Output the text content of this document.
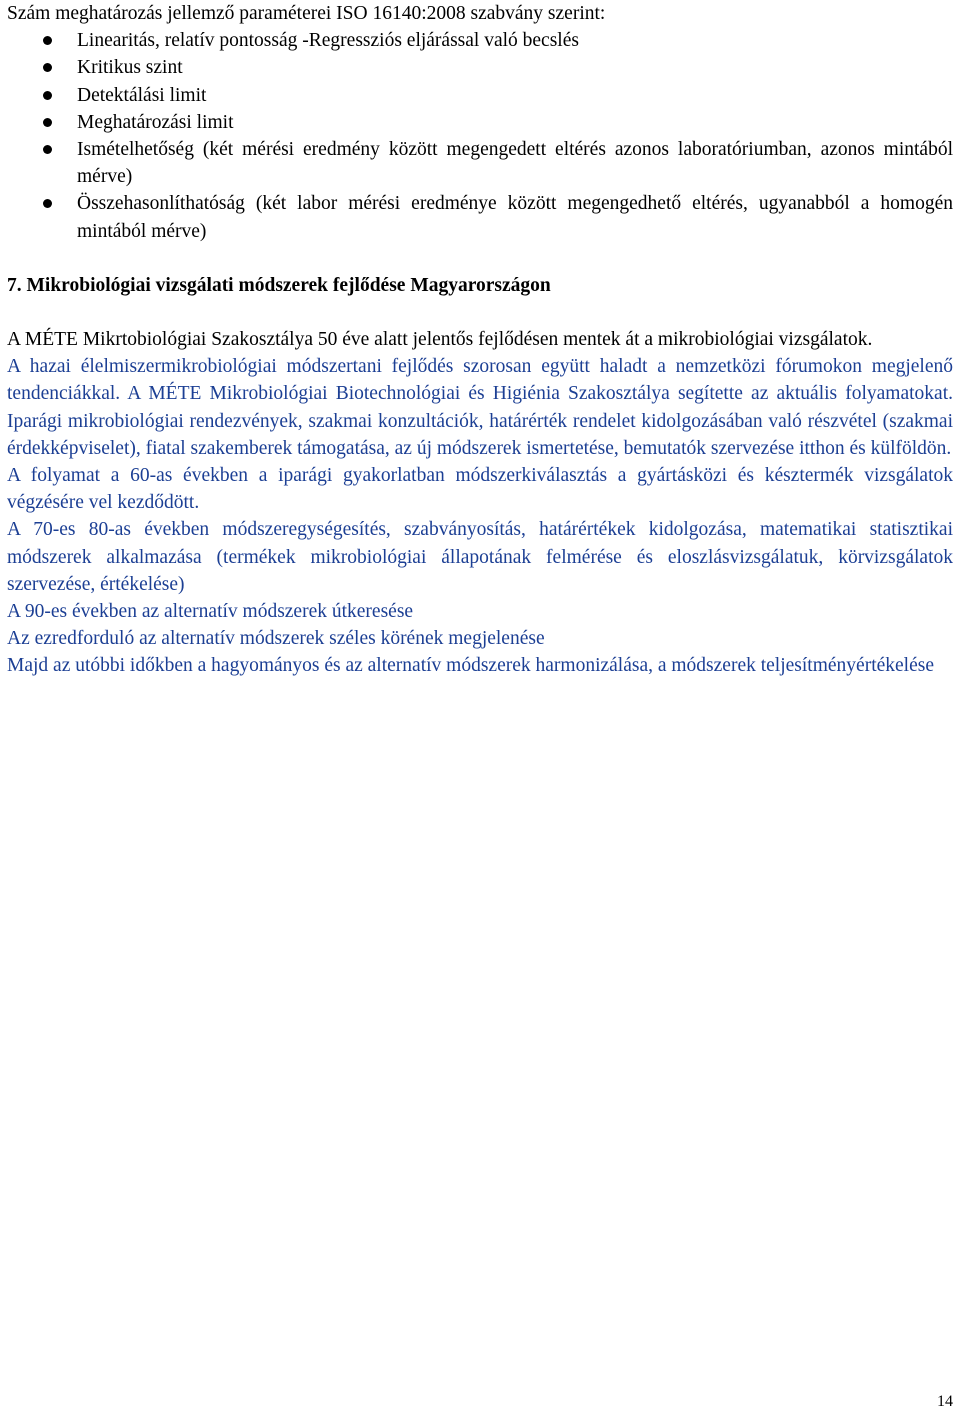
Szám meghatározás jellemző paraméterei ISO 16140:2008 szabvány szerint:

Linearitás, relatív pontosság -Regressziós eljárással való becslés
Kritikus szint
Detektálási limit
Meghatározási limit
Ismételhetőség (két mérési eredmény között megengedett eltérés azonos laboratóriumban, azonos mintából mérve)
Összehasonlíthatóság (két labor mérési eredménye között megengedhető eltérés, ugyanabból a homogén mintából mérve)

7. Mikrobiológiai vizsgálati módszerek fejlődése Magyarországon

A MÉTE Mikrtobiológiai Szakosztálya 50 éve alatt jelentős fejlődésen mentek át a mikrobiológiai vizsgálatok.

A hazai élelmiszermikrobiológiai módszertani fejlődés szorosan együtt haladt a nemzetközi fórumokon megjelenő tendenciákkal. A MÉTE Mikrobiológiai Biotechnológiai és Higiénia Szakosztálya segítette az aktuális folyamatokat. Iparági mikrobiológiai rendezvények, szakmai konzultációk, határérték rendelet kidolgozásában való részvétel (szakmai érdekképviselet), fiatal szakemberek támogatása, az új módszerek ismertetése, bemutatók szervezése itthon és külföldön.

A folyamat a 60-as években a iparági gyakorlatban módszerkiválasztás a gyártásközi és késztermék vizsgálatok végzésére vel kezdődött.

A 70-es 80-as években módszeregységesítés, szabványosítás, határértékek kidolgozása, matematikai statisztikai módszerek alkalmazása (termékek mikrobiológiai állapotának felmérése és eloszlásvizsgálatuk, körvizsgálatok szervezése, értékelése)

A 90-es években az alternatív módszerek útkeresése

Az ezredforduló az alternatív módszerek széles körének megjelenése

Majd az utóbbi időkben a hagyományos és az alternatív módszerek harmonizálása, a módszerek teljesítményértékelése

14
